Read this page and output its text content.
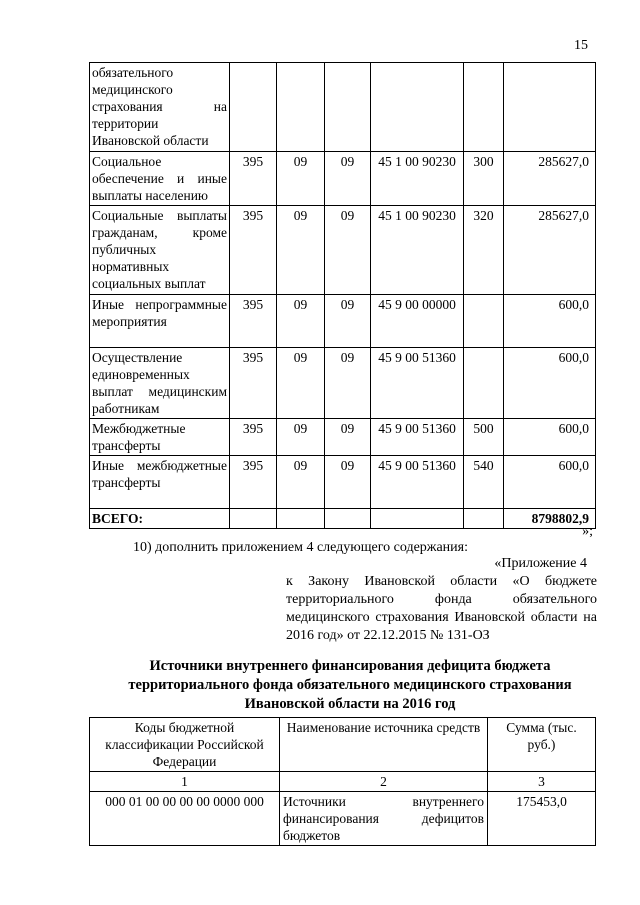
15
обязательного медицинского страхования на территории Ивановской области						
Социальное обеспечение и иные выплаты населению	395	09	09	45 1 00 90230	300	285627,0
Социальные выплаты гражданам, кроме публичных нормативных социальных выплат	395	09	09	45 1 00 90230	320	285627,0
Иные непрограммные мероприятия	395	09	09	45 9 00 00000		600,0
Осуществление единовременных выплат медицинским работникам	395	09	09	45 9 00 51360		600,0
Межбюджетные трансферты	395	09	09	45 9 00 51360	500	600,0
Иные межбюджетные трансферты	395	09	09	45 9 00 51360	540	600,0
ВСЕГО:						8798802,9
»;
10) дополнить приложением 4 следующего содержания:
«Приложение 4
к Закону Ивановской области «О бюджете территориального фонда обязательного медицинского страхования Ивановской области на 2016 год» от 22.12.2015 № 131-ОЗ
Источники внутреннего финансирования дефицита бюджета
территориального фонда обязательного медицинского страхования
Ивановской области на 2016 год
Коды бюджетной классификации Российской Федерации	Наименование источника средств	Сумма (тыс. руб.)
1	2	3
000 01 00 00 00 00 0000 000	Источники внутреннего финансирования дефицитов бюджетов	175453,0
